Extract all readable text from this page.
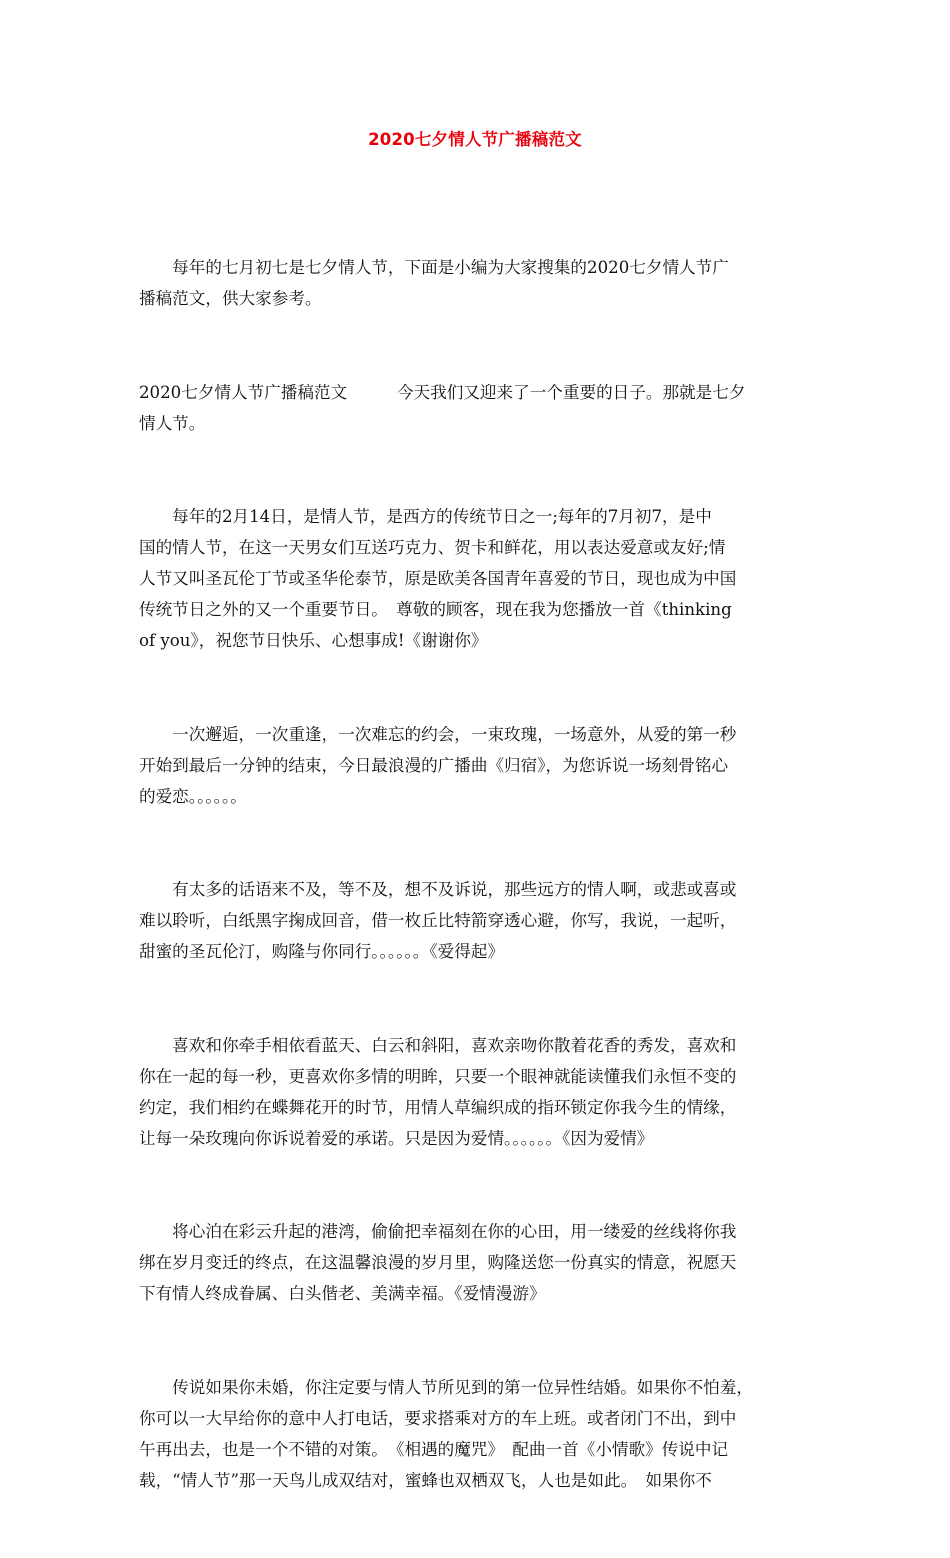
2020七夕情人节广播稿范文

　　每年的七月初七是七夕情人节，下面是小编为大家搜集的2020七夕情人节广
播稿范文，供大家参考。

2020七夕情人节广播稿范文　　　今天我们又迎来了一个重要的日子。那就是七夕
情人节。

　　每年的2月14日，是情人节，是西方的传统节日之一;每年的7月初7，是中
国的情人节，在这一天男女们互送巧克力、贺卡和鲜花，用以表达爱意或友好;情
人节又叫圣瓦伦丁节或圣华伦泰节，原是欧美各国青年喜爱的节日，现也成为中国
传统节日之外的又一个重要节日。　尊敬的顾客，现在我为您播放一首《thinking
of you》，祝您节日快乐、心想事成!《谢谢你》

　　一次邂逅，一次重逢，一次难忘的约会，一束玫瑰，一场意外，从爱的第一秒
开始到最后一分钟的结束，今日最浪漫的广播曲《归宿》，为您诉说一场刻骨铭心
的爱恋。。。。。。

　　有太多的话语来不及，等不及，想不及诉说，那些远方的情人啊，或悲或喜或
难以聆听，白纸黑字掬成回音，借一枚丘比特箭穿透心避，你写，我说，一起听，
甜蜜的圣瓦伦汀，购隆与你同行。。。。。。《爱得起》

　　喜欢和你牵手相依看蓝天、白云和斜阳，喜欢亲吻你散着花香的秀发，喜欢和
你在一起的每一秒，更喜欢你多情的明眸，只要一个眼神就能读懂我们永恒不变的
约定，我们相约在蝶舞花开的时节，用情人草编织成的指环锁定你我今生的情缘，
让每一朵玫瑰向你诉说着爱的承诺。只是因为爱情。。。。。。《因为爱情》

　　将心泊在彩云升起的港湾，偷偷把幸福刻在你的心田，用一缕爱的丝线将你我
绑在岁月变迁的终点，在这温馨浪漫的岁月里，购隆送您一份真实的情意，祝愿天
下有情人终成眷属、白头偕老、美满幸福。《爱情漫游》

　　传说如果你未婚，你注定要与情人节所见到的第一位异性结婚。如果你不怕羞，
你可以一大早给你的意中人打电话，要求搭乘对方的车上班。或者闭门不出，到中
午再出去，也是一个不错的对策。　《相遇的魔咒》　配曲一首《小情歌》传说中记
载，“情人节”那一天鸟儿成双结对，蜜蜂也双栖双飞，人也是如此。　如果你不
